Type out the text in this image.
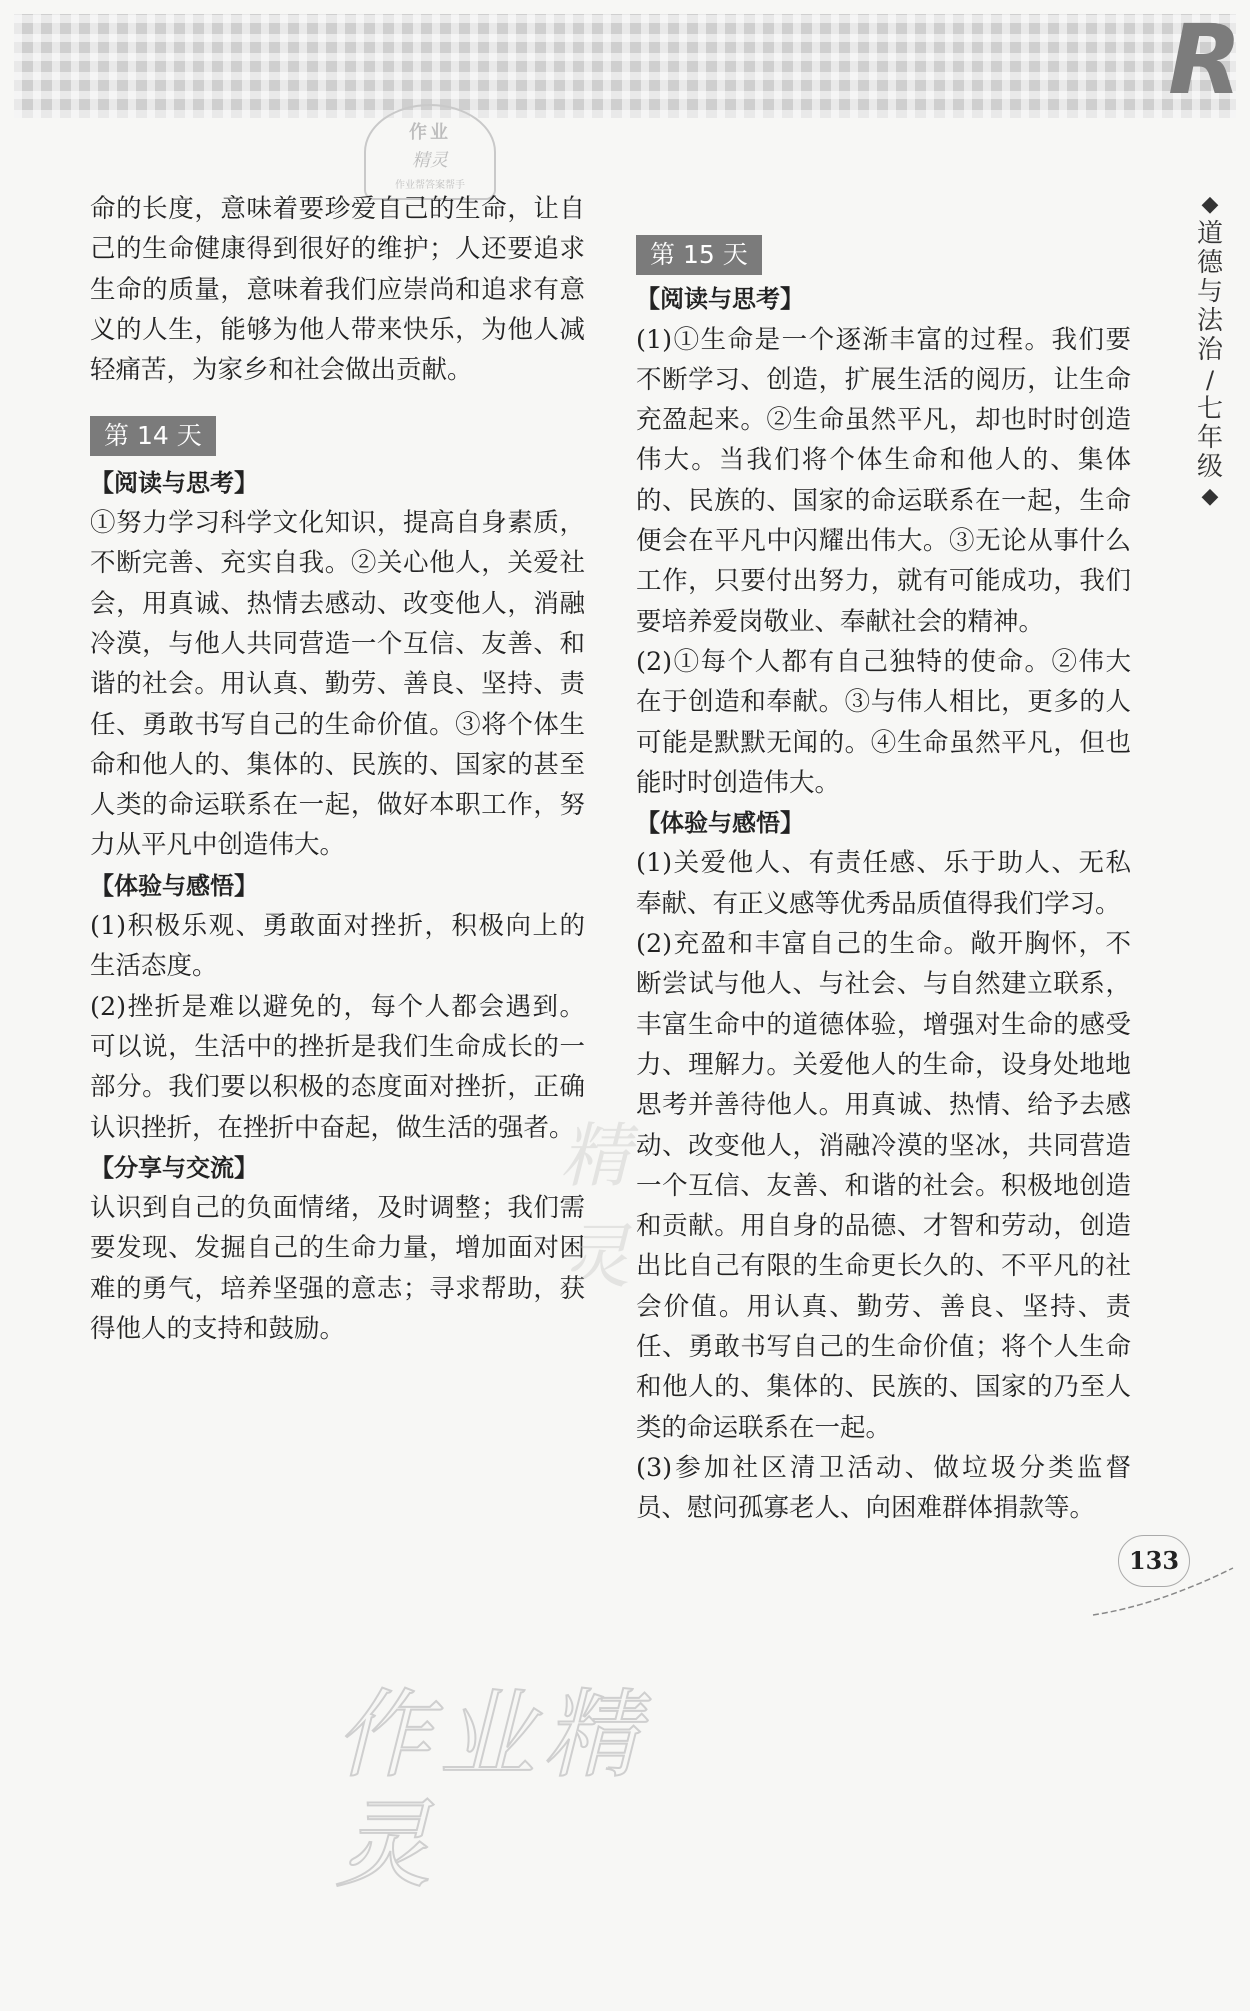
R
作业
精灵
作业帮答案帮手
◆
道
德
与
法
治
/
七
年
级
◆

命的长度，意味着要珍爱自己的生命，让自己的生命健康得到很好的维护；人还要追求生命的质量，意味着我们应崇尚和追求有意义的人生，能够为他人带来快乐，为他人减轻痛苦，为家乡和社会做出贡献。

第 14 天

【阅读与思考】

①努力学习科学文化知识，提高自身素质，不断完善、充实自我。②关心他人，关爱社会，用真诚、热情去感动、改变他人，消融冷漠，与他人共同营造一个互信、友善、和谐的社会。用认真、勤劳、善良、坚持、责任、勇敢书写自己的生命价值。③将个体生命和他人的、集体的、民族的、国家的甚至人类的命运联系在一起，做好本职工作，努力从平凡中创造伟大。

【体验与感悟】

(1)积极乐观、勇敢面对挫折，积极向上的生活态度。

(2)挫折是难以避免的，每个人都会遇到。可以说，生活中的挫折是我们生命成长的一部分。我们要以积极的态度面对挫折，正确认识挫折，在挫折中奋起，做生活的强者。

【分享与交流】

认识到自己的负面情绪，及时调整；我们需要发现、发掘自己的生命力量，增加面对困难的勇气，培养坚强的意志；寻求帮助，获得他人的支持和鼓励。

第 15 天

【阅读与思考】

(1)①生命是一个逐渐丰富的过程。我们要不断学习、创造，扩展生活的阅历，让生命充盈起来。②生命虽然平凡，却也时时创造伟大。当我们将个体生命和他人的、集体的、民族的、国家的命运联系在一起，生命便会在平凡中闪耀出伟大。③无论从事什么工作，只要付出努力，就有可能成功，我们要培养爱岗敬业、奉献社会的精神。

(2)①每个人都有自己独特的使命。②伟大在于创造和奉献。③与伟人相比，更多的人可能是默默无闻的。④生命虽然平凡，但也能时时创造伟大。

【体验与感悟】

(1)关爱他人、有责任感、乐于助人、无私奉献、有正义感等优秀品质值得我们学习。

(2)充盈和丰富自己的生命。敞开胸怀，不断尝试与他人、与社会、与自然建立联系，丰富生命中的道德体验，增强对生命的感受力、理解力。关爱他人的生命，设身处地地思考并善待他人。用真诚、热情、给予去感动、改变他人，消融冷漠的坚冰，共同营造一个互信、友善、和谐的社会。积极地创造和贡献。用自身的品德、才智和劳动，创造出比自己有限的生命更长久的、不平凡的社会价值。用认真、勤劳、善良、坚持、责任、勇敢书写自己的生命价值；将个人生命和他人的、集体的、民族的、国家的乃至人类的命运联系在一起。

(3)参加社区清卫活动、做垃圾分类监督员、慰问孤寡老人、向困难群体捐款等。

133
精灵
作业精灵
